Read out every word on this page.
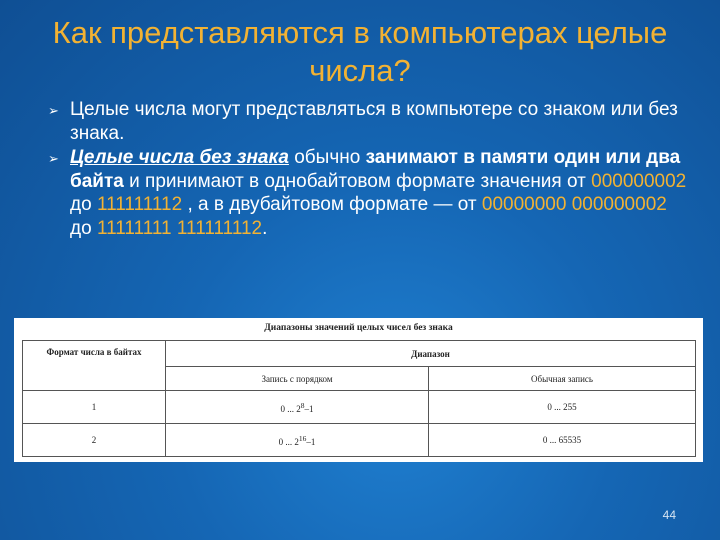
Как представляются в компьютерах целые числа?
➢ Целые числа могут представляться в компьютере со знаком или без знака.
➢ Целые числа без знака обычно занимают в памяти один или два байта и принимают в однобайтовом формате значения от 000000002 до 111111112 , а в двубайтовом формате — от 00000000 000000002 до 11111111 111111112.
Диапазоны значений целых чисел без знака
Формат числа в байтах	Диапазон	
	Запись с порядком	Обычная запись
1	0 ... $2^8-1$	0 ... 255
2	0 ... $2^{16}-1$	0 ... 65535
44
